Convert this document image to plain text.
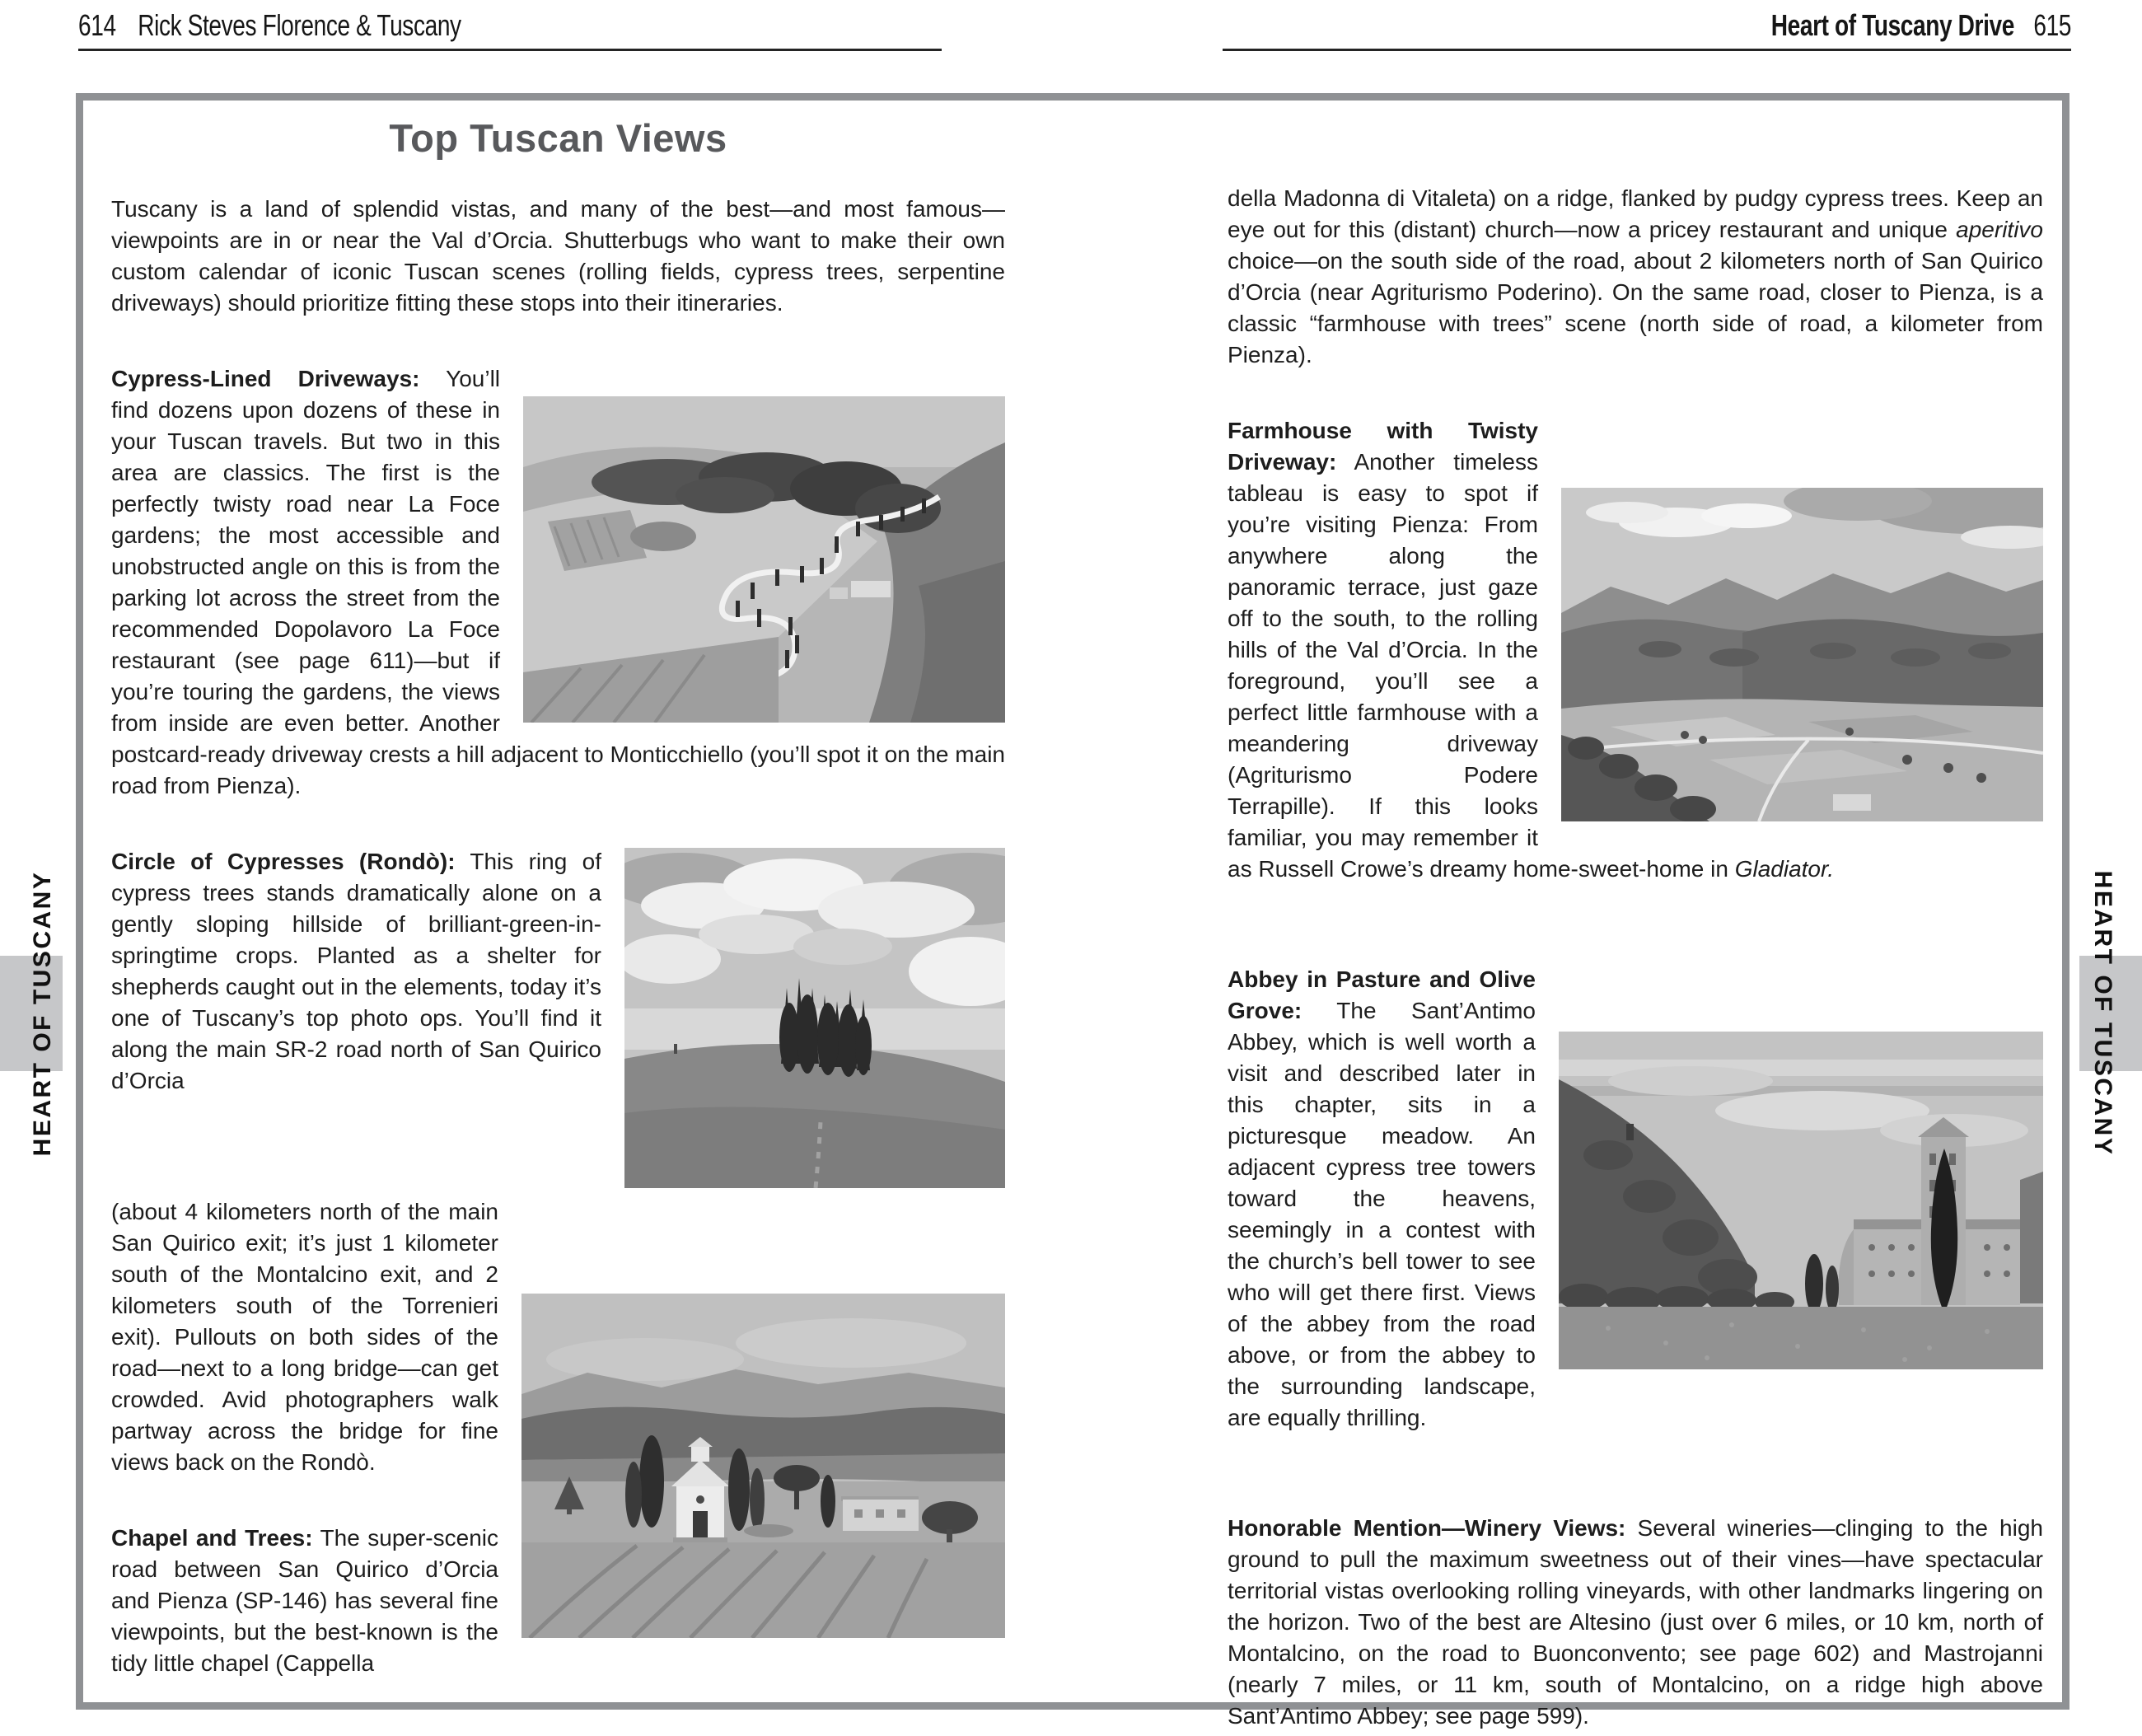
614 Rick Steves Florence & Tuscany	Heart of Tuscany Drive 615
HEART OF TUSCANY	HEART OF TUSCANY
Top Tuscan Views

Tuscany is a land of splendid vistas, and many of the best—and most famous—viewpoints are in or near the Val d’Orcia. Shutterbugs who want to make their own custom calendar of iconic Tuscan scenes (rolling fields, cypress trees, serpentine driveways) should prioritize fitting these stops into their itineraries.

Cypress-Lined Driveways: You’ll find dozens upon dozens of these in your Tuscan travels. But two in this area are classics. The first is the perfectly twisty road near La Foce gardens; the most accessible and unobstructed angle on this is from the parking lot across the street from the recommended Dopolavoro La Foce restaurant (see page 611)—but if you’re touring the gardens, the views from inside are even better. Another postcard-ready driveway crests a hill adjacent to Monticchiello (you’ll spot it on the main road from Pienza).

Circle of Cypresses (Rondò): This ring of cypress trees stands dramatically alone on a gently sloping hillside of brilliant-green-in-springtime crops. Planted as a shelter for shepherds caught out in the elements, today it’s one of Tuscany’s top photo ops. You’ll find it along the main SR-2 road north of San Quirico d’Orcia

(about 4 kilometers north of the main San Quirico exit; it’s just 1 kilometer south of the Montalcino exit, and 2 kilometers south of the Torrenieri exit). Pullouts on both sides of the road—next to a long bridge—can get crowded. Avid photographers walk partway across the bridge for fine views back on the Rondò.

Chapel and Trees: The super-scenic road between San Quirico d’Orcia and Pienza (SP-146) has several fine viewpoints, but the best-known is the tidy little chapel (Cappella

della Madonna di Vitaleta) on a ridge, flanked by pudgy cypress trees. Keep an eye out for this (distant) church—now a pricey restaurant and unique aperitivo choice—on the south side of the road, about 2 kilometers north of San Quirico d’Orcia (near Agriturismo Poderino). On the same road, closer to Pienza, is a classic “farmhouse with trees” scene (north side of road, a kilometer from Pienza).

Farmhouse with Twisty Driveway: Another timeless tableau is easy to spot if you’re visiting Pienza: From anywhere along the panoramic terrace, just gaze off to the south, to the rolling hills of the Val d’Orcia. In the foreground, you’ll see a perfect little farmhouse with a meandering driveway (Agriturismo Podere Terrapille). If this looks familiar, you may remember it as Russell Crowe’s dreamy home-sweet-home in Gladiator.

Abbey in Pasture and Olive Grove: The Sant’Antimo Abbey, which is well worth a visit and described later in this chapter, sits in a picturesque meadow. An adjacent cypress tree towers toward the heavens, seemingly in a contest with the church’s bell tower to see who will get there first. Views of the abbey from the road above, or from the abbey to the surrounding landscape, are equally thrilling.

Honorable Mention—Winery Views: Several wineries—clinging to the high ground to pull the maximum sweetness out of their vines—have spectacular territorial vistas overlooking rolling vineyards, with other landmarks lingering on the horizon. Two of the best are Altesino (just over 6 miles, or 10 km, north of Montalcino, on the road to Buonconvento; see page 602) and Mastrojanni (nearly 7 miles, or 11 km, south of Montalcino, on a ridge high above Sant’Antimo Abbey; see page 599).
